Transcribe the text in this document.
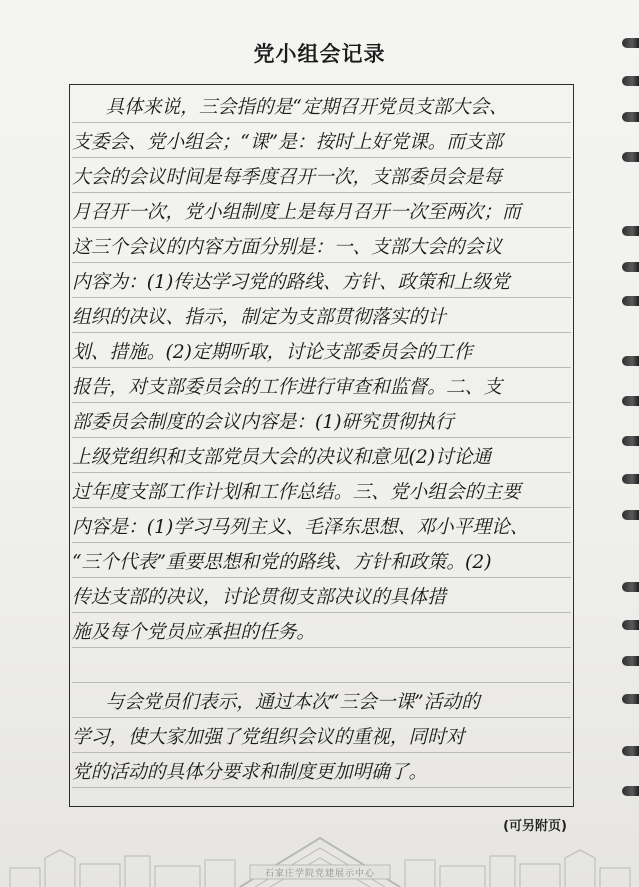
党小组会记录
具体来说，三会指的是“定期召开党员支部大会、
支委会、党小组会；“课”是：按时上好党课。而支部
大会的会议时间是每季度召开一次，支部委员会是每
月召开一次，党小组制度上是每月召开一次至两次；而
这三个会议的内容方面分别是：一、支部大会的会议
内容为：(1)传达学习党的路线、方针、政策和上级党
组织的决议、指示，制定为支部贯彻落实的计
划、措施。(2)定期听取，讨论支部委员会的工作
报告，对支部委员会的工作进行审查和监督。二、支
部委员会制度的会议内容是：(1)研究贯彻执行
上级党组织和支部党员大会的决议和意见(2)讨论通
过年度支部工作计划和工作总结。三、党小组会的主要
内容是：(1)学习马列主义、毛泽东思想、邓小平理论、
“三个代表”重要思想和党的路线、方针和政策。(2)
传达支部的决议，讨论贯彻支部决议的具体措
施及每个党员应承担的任务。
与会党员们表示，通过本次“三会一课”活动的
学习，使大家加强了党组织会议的重视，同时对
党的活动的具体分要求和制度更加明确了。
(可另附页)
石家庄学院党建展示中心
